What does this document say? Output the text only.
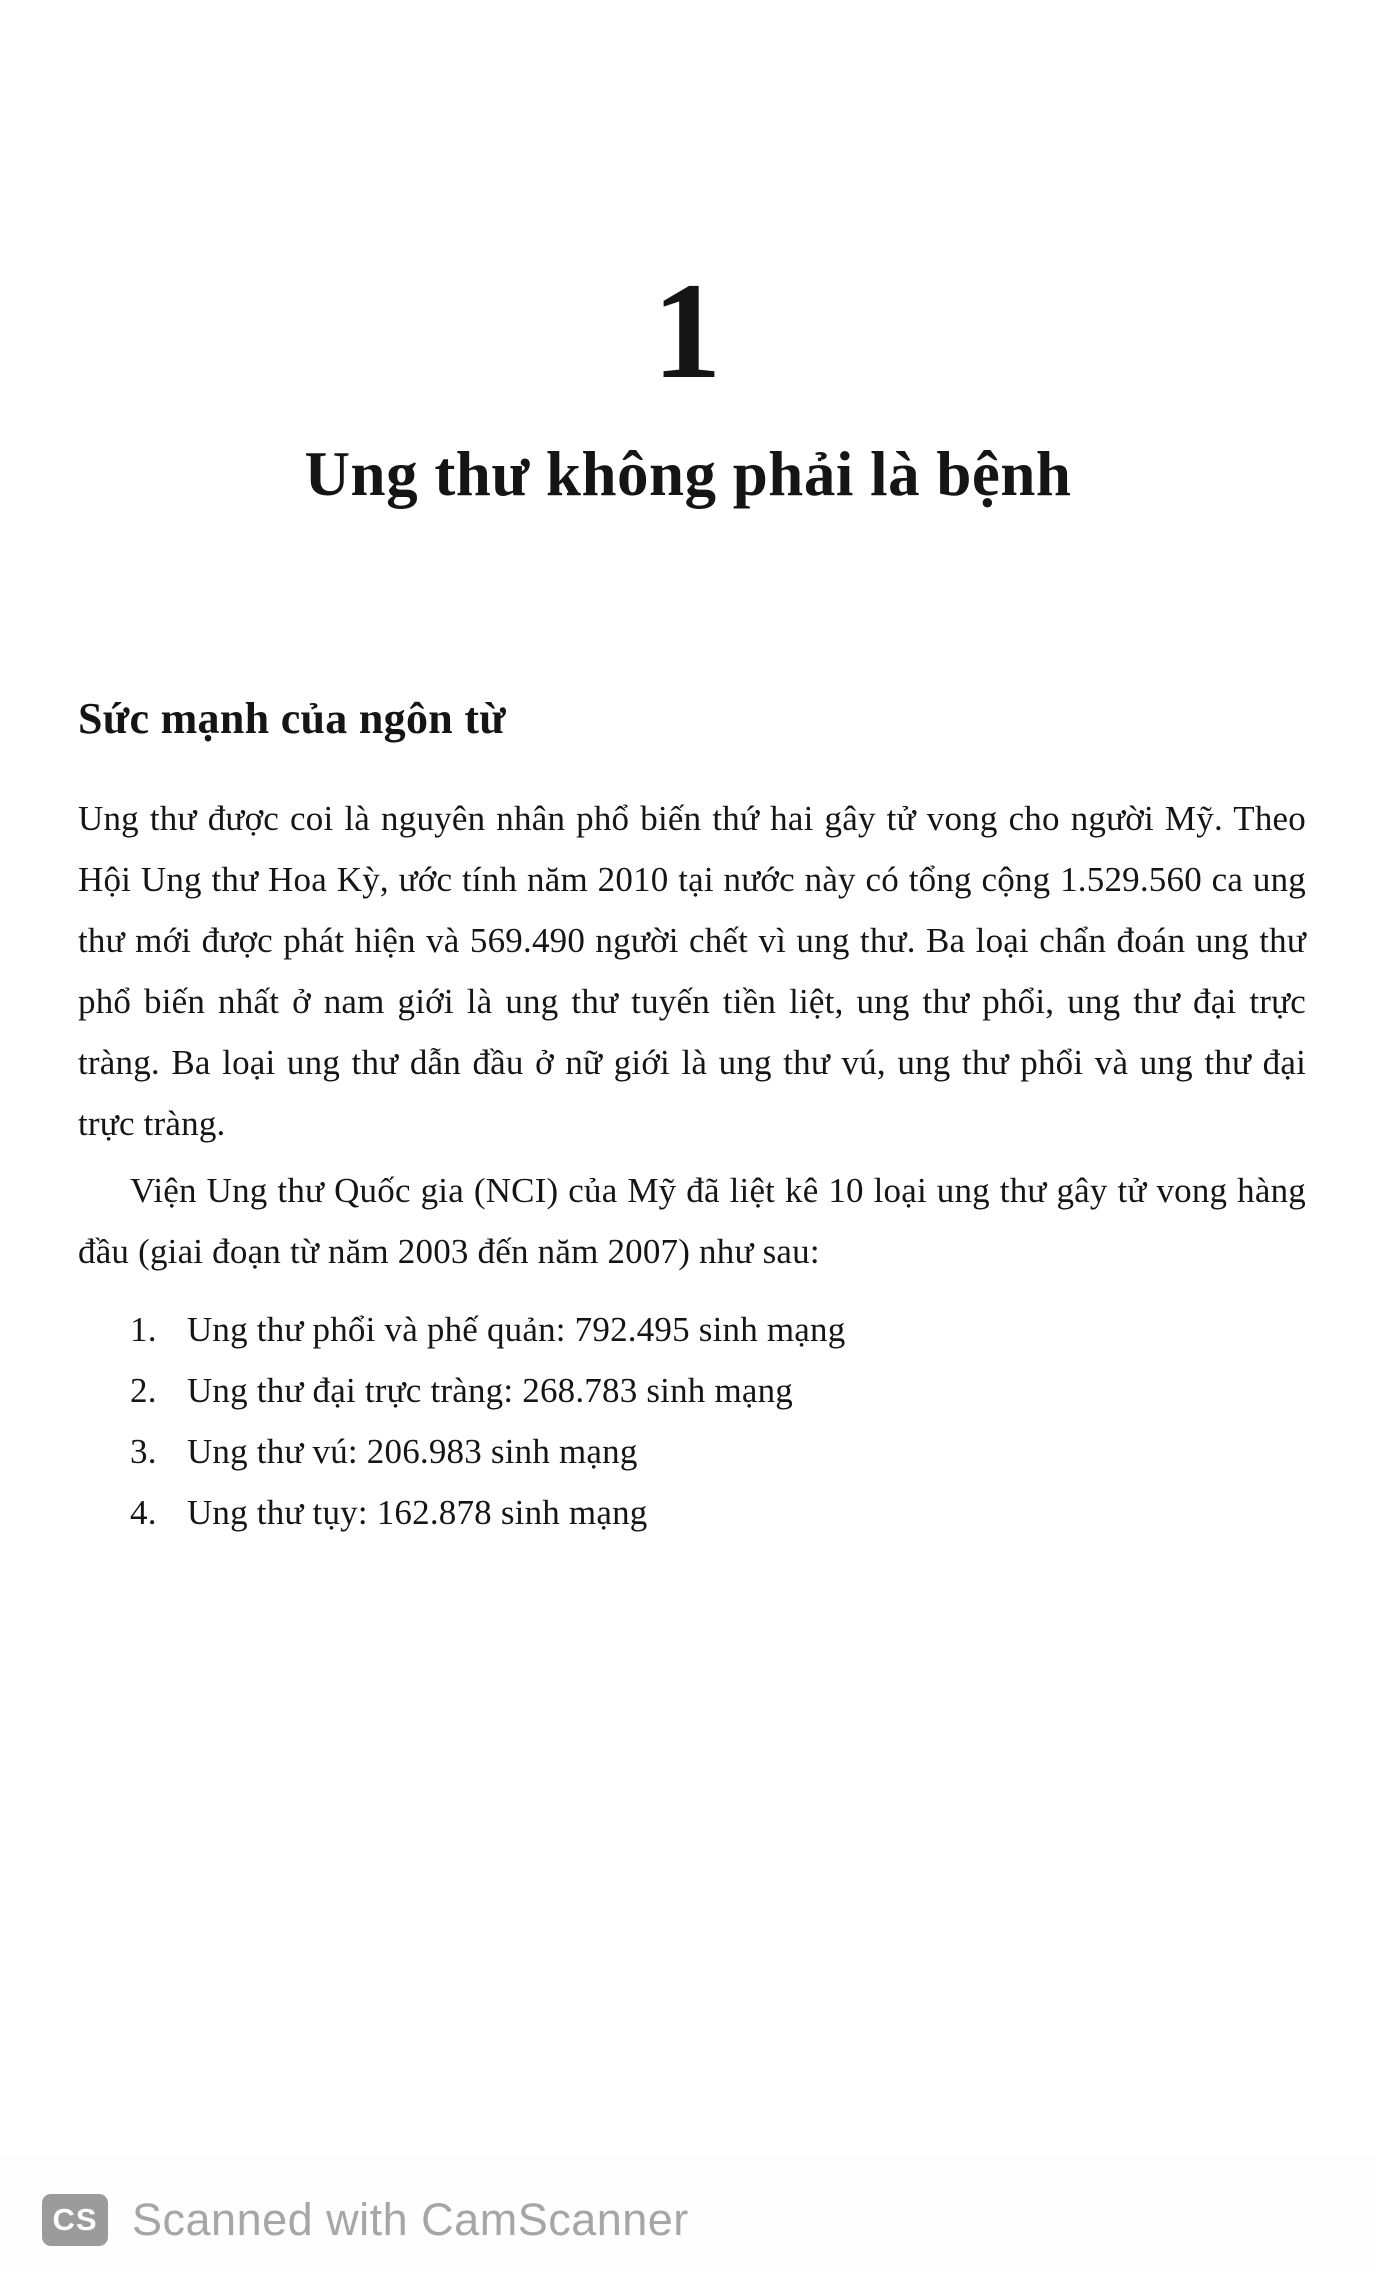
1
Ung thư không phải là bệnh
Sức mạnh của ngôn từ

Ung thư được coi là nguyên nhân phổ biến thứ hai gây tử vong cho người Mỹ. Theo Hội Ung thư Hoa Kỳ, ước tính năm 2010 tại nước này có tổng cộng 1.529.560 ca ung thư mới được phát hiện và 569.490 người chết vì ung thư. Ba loại chẩn đoán ung thư phổ biến nhất ở nam giới là ung thư tuyến tiền liệt, ung thư phổi, ung thư đại trực tràng. Ba loại ung thư dẫn đầu ở nữ giới là ung thư vú, ung thư phổi và ung thư đại trực tràng.

Viện Ung thư Quốc gia (NCI) của Mỹ đã liệt kê 10 loại ung thư gây tử vong hàng đầu (giai đoạn từ năm 2003 đến năm 2007) như sau:

1. Ung thư phổi và phế quản: 792.495 sinh mạng
2. Ung thư đại trực tràng: 268.783 sinh mạng
3. Ung thư vú: 206.983 sinh mạng
4. Ung thư tụy: 162.878 sinh mạng
CS Scanned with CamScanner
